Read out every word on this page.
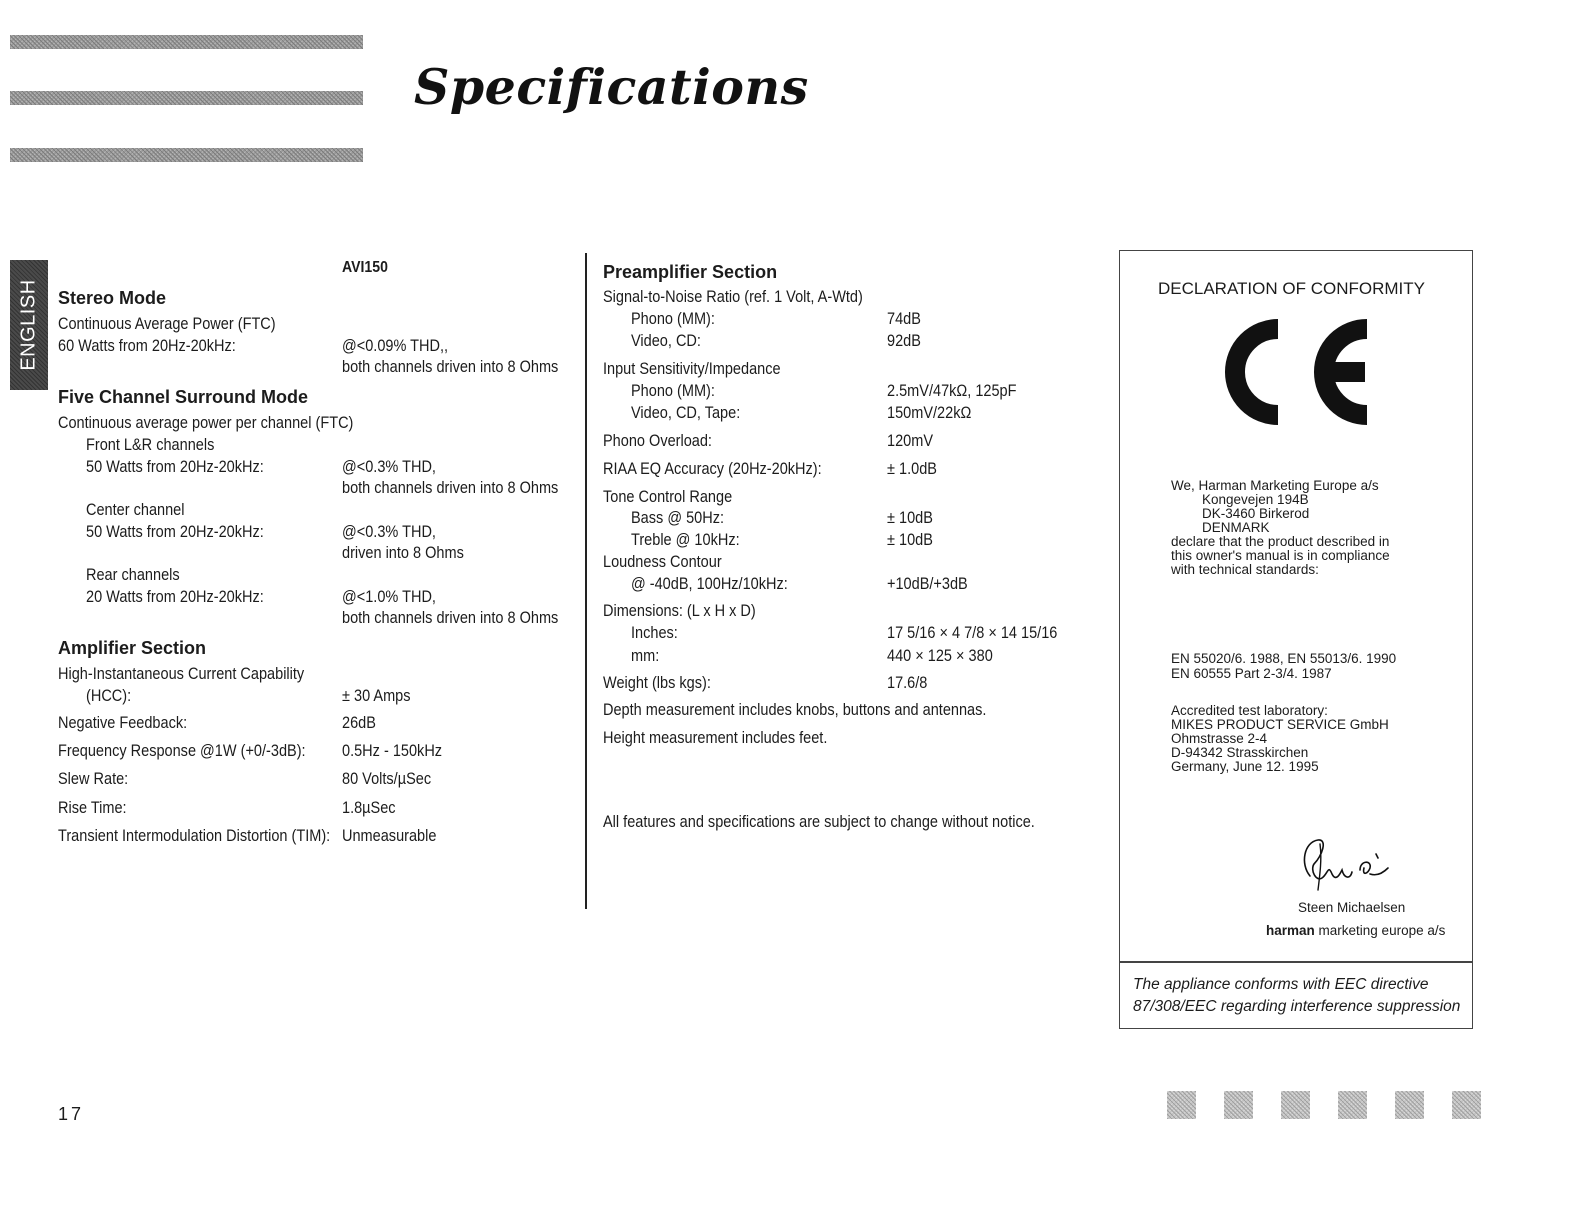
Specifications
ENGLISH
AVI150
Stereo Mode
Continuous Average Power (FTC)
60 Watts from 20Hz-20kHz:	@<0.09% THD,,
both channels driven into 8 Ohms
Five Channel Surround Mode
Continuous average power per channel (FTC)
Front L&R channels
50 Watts from 20Hz-20kHz:	@<0.3% THD,
both channels driven into 8 Ohms
Center channel
50 Watts from 20Hz-20kHz:	@<0.3% THD,
driven into 8 Ohms
Rear channels
20 Watts from 20Hz-20kHz:	@<1.0% THD,
both channels driven into 8 Ohms
Amplifier Section
High-Instantaneous Current Capability
(HCC):	± 30 Amps
Negative Feedback:	26dB
Frequency Response @1W (+0/-3dB): 0.5Hz - 150kHz
Slew Rate:	80 Volts/µSec
Rise Time:	1.8µSec
Transient Intermodulation Distortion (TIM): Unmeasurable
Preamplifier Section
Signal-to-Noise Ratio (ref. 1 Volt, A-Wtd)
Phono (MM):	74dB
Video, CD:	92dB
Input Sensitivity/Impedance
Phono (MM):	2.5mV/47kΩ, 125pF
Video, CD, Tape:	150mV/22kΩ
Phono Overload:	120mV
RIAA EQ Accuracy (20Hz-20kHz):	± 1.0dB
Tone Control Range
Bass @ 50Hz:	± 10dB
Treble @ 10kHz:	± 10dB
Loudness Contour
@ -40dB, 100Hz/10kHz:	+10dB/+3dB
Dimensions: (L x H x D)
Inches:	17 5/16 × 4 7/8 × 14 15/16
mm:	440 × 125 × 380
Weight (lbs kgs):	17.6/8
Depth measurement includes knobs, buttons and antennas.
Height measurement includes feet.
All features and specifications are subject to change without notice.
DECLARATION OF CONFORMITY
We, Harman Marketing Europe a/s
Kongevejen 194B
DK-3460 Birkerod
DENMARK
declare that the product described in
this owner's manual is in compliance
with technical standards:
EN 55020/6. 1988, EN 55013/6. 1990
EN 60555 Part 2-3/4. 1987
Accredited test laboratory:
MIKES PRODUCT SERVICE GmbH
Ohmstrasse 2-4
D-94342 Strasskirchen
Germany, June 12. 1995
Steen Michaelsen
harman marketing europe a/s
The appliance conforms with EEC directive
87/308/EEC regarding interference suppression
17
